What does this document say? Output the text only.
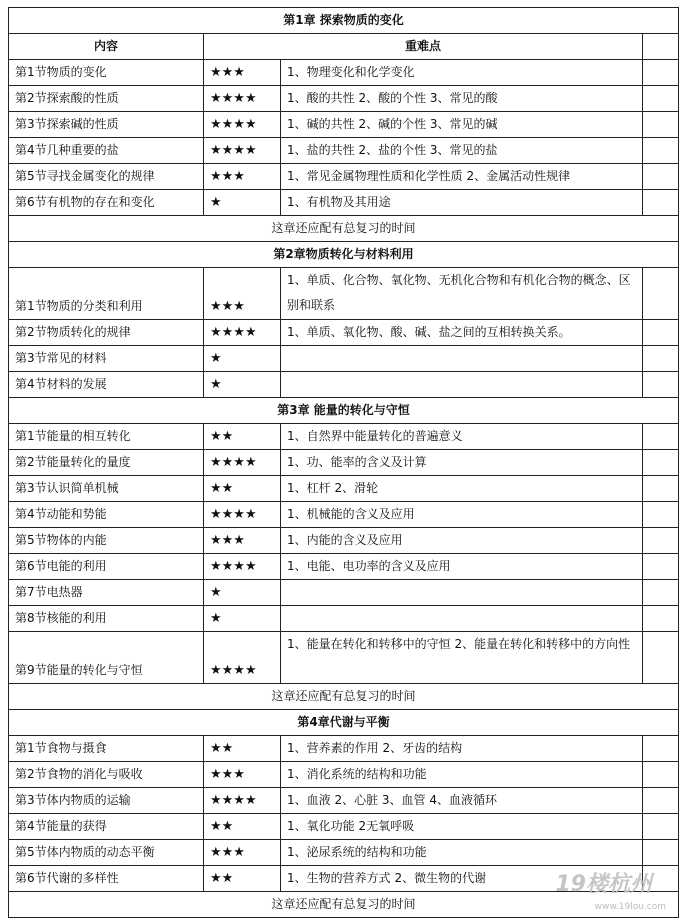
第1章 探索物质的变化			
内容	重难点		
第1节物质的变化	★★★	1、物理变化和化学变化	
第2节探索酸的性质	★★★★	1、酸的共性 2、酸的个性 3、常见的酸	
第3节探索碱的性质	★★★★	1、碱的共性 2、碱的个性 3、常见的碱	
第4节几种重要的盐	★★★★	1、盐的共性 2、盐的个性 3、常见的盐	
第5节寻找金属变化的规律	★★★	1、常见金属物理性质和化学性质 2、金属活动性规律	
第6节有机物的存在和变化	★	1、有机物及其用途	
这章还应配有总复习的时间			
第2章物质转化与材料利用			
第1节物质的分类和利用	★★★	1、单质、化合物、氧化物、无机化合物和有机化合物的概念、区别和联系	
第2节物质转化的规律	★★★★	1、单质、氧化物、酸、碱、盐之间的互相转换关系。	
第3节常见的材料	★		
第4节材料的发展	★		
第3章 能量的转化与守恒			
第1节能量的相互转化	★★	1、自然界中能量转化的普遍意义	
第2节能量转化的量度	★★★★	1、功、能率的含义及计算	
第3节认识简单机械	★★	1、杠杆 2、滑轮	
第4节动能和势能	★★★★	1、机械能的含义及应用	
第5节物体的内能	★★★	1、内能的含义及应用	
第6节电能的利用	★★★★	1、电能、电功率的含义及应用	
第7节电热器	★		
第8节核能的利用	★		
第9节能量的转化与守恒	★★★★	1、能量在转化和转移中的守恒 2、能量在转化和转移中的方向性	
这章还应配有总复习的时间			
第4章代谢与平衡			
第1节食物与摄食	★★	1、营养素的作用 2、牙齿的结构	
第2节食物的消化与吸收	★★★	1、消化系统的结构和功能	
第3节体内物质的运输	★★★★	1、血液 2、心脏 3、血管 4、血液循环	
第4节能量的获得	★★	1、氧化功能 2无氧呼吸	
第5节体内物质的动态平衡	★★★	1、泌尿系统的结构和功能	
第6节代谢的多样性	★★	1、生物的营养方式 2、微生物的代谢	
这章还应配有总复习的时间			
19楼杭州
www.19lou.com
